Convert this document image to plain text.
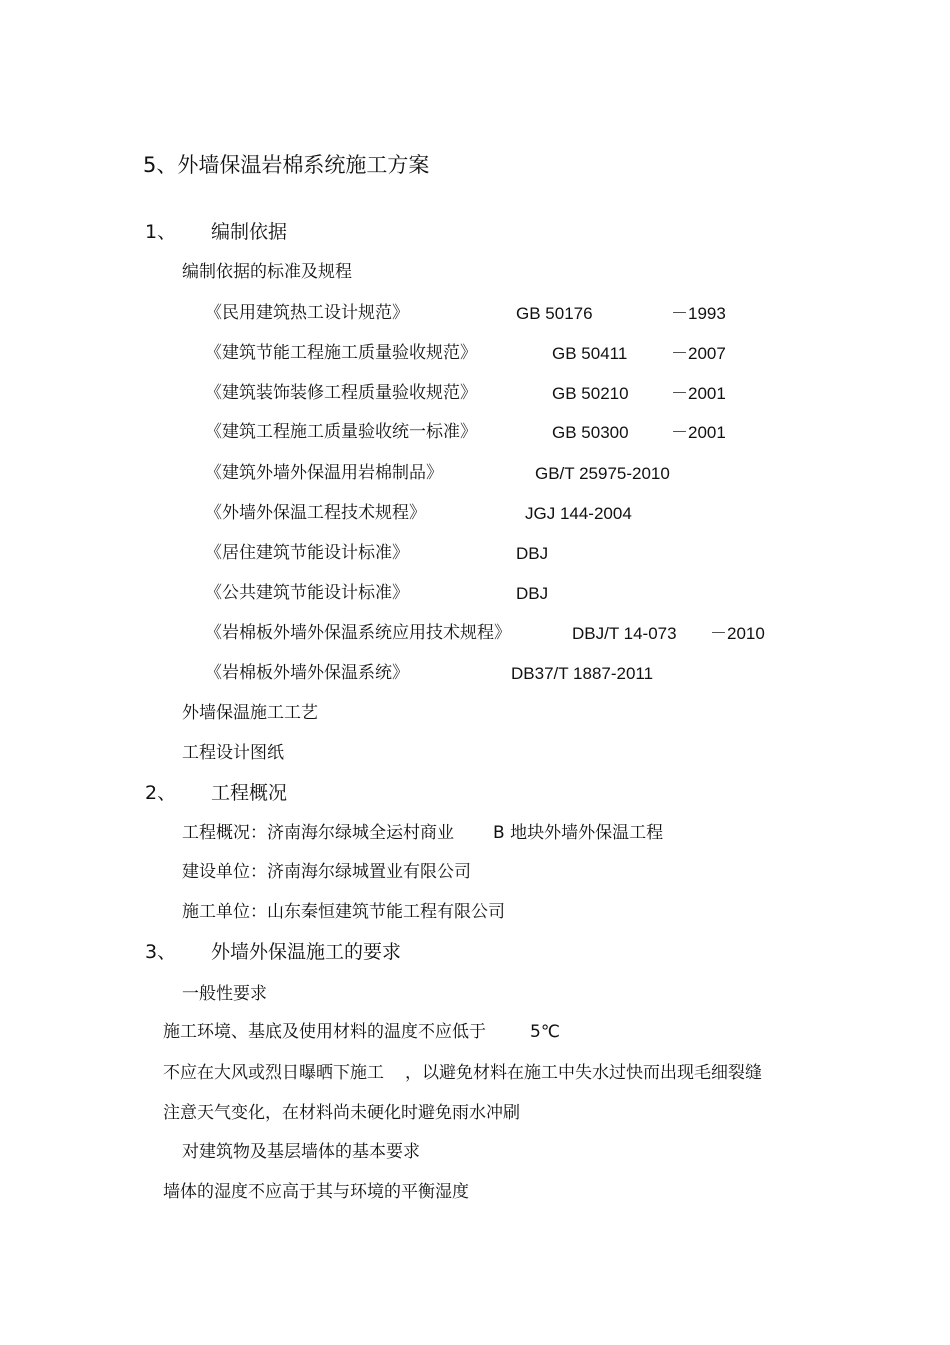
5、外墙保温岩棉系统施工方案
1、 编制依据
编制依据的标准及规程
《民用建筑热工设计规范》	GB 50176	－1993
《建筑节能工程施工质量验收规范》	GB 50411	－2007
《建筑装饰装修工程质量验收规范》	GB 50210 －2001
《建筑工程施工质量验收统一标准》	GB 50300 －2001
《建筑外墙外保温用岩棉制品》	GB/T 25975-2010
《外墙外保温工程技术规程》	JGJ 144-2004
《居住建筑节能设计标准》	DBJ
《公共建筑节能设计标准》	DBJ
《岩棉板外墙外保温系统应用技术规程》	DBJ/T 14-073 －2010
《岩棉板外墙外保温系统》	DB37/T 1887-2011
外墙保温施工工艺
工程设计图纸
2、 工程概况
工程概况：济南海尔绿城全运村商业 B 地块外墙外保温工程
建设单位：济南海尔绿城置业有限公司
施工单位：山东秦恒建筑节能工程有限公司
3、 外墙外保温施工的要求
一般性要求
施工环境、基底及使用材料的温度不应低于	5℃
不应在大风或烈日曝晒下施工 ，以避免材料在施工中失水过快而出现毛细裂缝
注意天气变化，在材料尚未硬化时避免雨水冲刷
对建筑物及基层墙体的基本要求
墙体的湿度不应高于其与环境的平衡湿度
